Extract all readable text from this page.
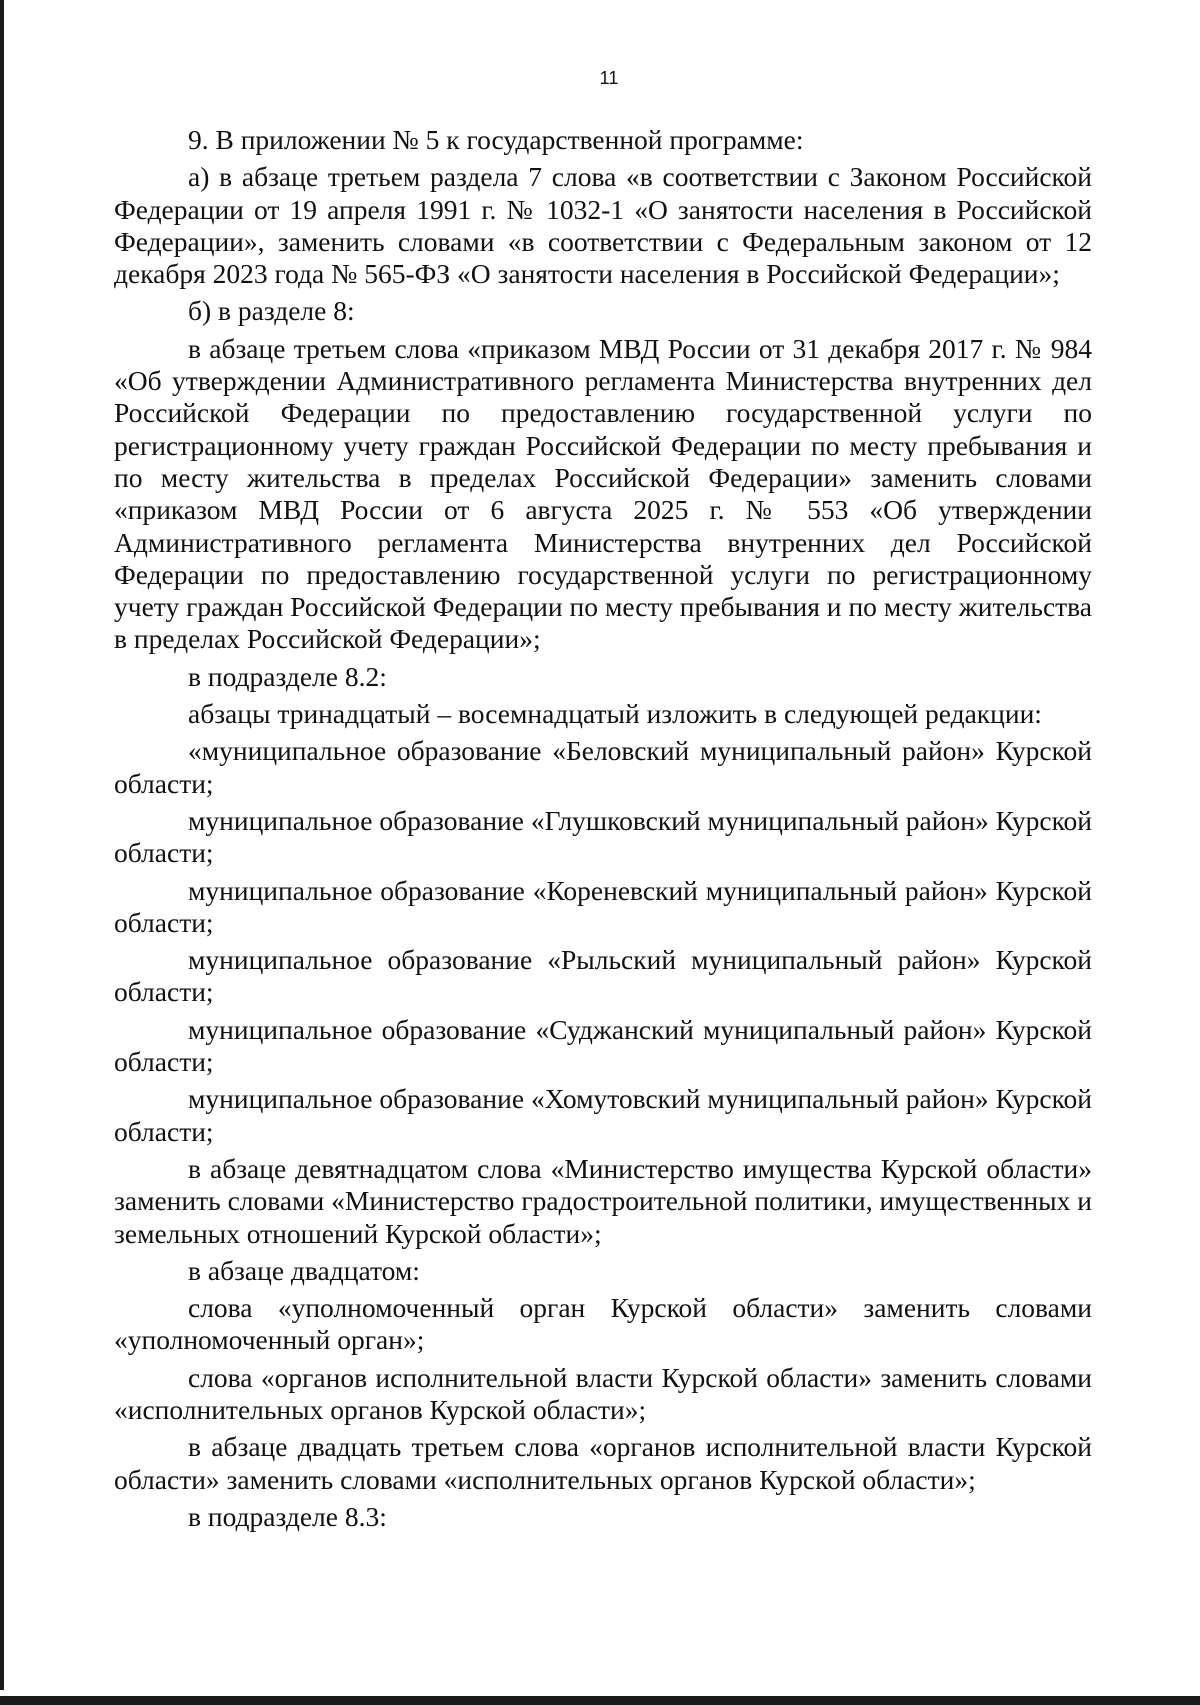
11

9. В приложении № 5 к государственной программе:

а) в абзаце третьем раздела 7 слова «в соответствии с Законом Российской Федерации от 19 апреля 1991 г. № 1032-1 «О занятости населения в Российской Федерации», заменить словами «в соответствии с Федеральным законом от 12 декабря 2023 года № 565-ФЗ «О занятости населения в Российской Федерации»;

б) в разделе 8:

в абзаце третьем слова «приказом МВД России от 31 декабря 2017 г. № 984 «Об утверждении Административного регламента Министерства внутренних дел Российской Федерации по предоставлению государственной услуги по регистрационному учету граждан Российской Федерации по месту пребывания и по месту жительства в пределах Российской Федерации» заменить словами «приказом МВД России от 6 августа 2025 г. № 553 «Об утверждении Административного регламента Министерства внутренних дел Российской Федерации по предоставлению государственной услуги по регистрационному учету граждан Российской Федерации по месту пребывания и по месту жительства в пределах Российской Федерации»;

в подразделе 8.2:

абзацы тринадцатый – восемнадцатый изложить в следующей редакции:

«муниципальное образование «Беловский муниципальный район» Курской области;

муниципальное образование «Глушковский муниципальный район» Курской области;

муниципальное образование «Кореневский муниципальный район» Курской области;

муниципальное образование «Рыльский муниципальный район» Курской области;

муниципальное образование «Суджанский муниципальный район» Курской области;

муниципальное образование «Хомутовский муниципальный район» Курской области;

в абзаце девятнадцатом слова «Министерство имущества Курской области» заменить словами «Министерство градостроительной политики, имущественных и земельных отношений Курской области»;

в абзаце двадцатом:

слова «уполномоченный орган Курской области» заменить словами «уполномоченный орган»;

слова «органов исполнительной власти Курской области» заменить словами «исполнительных органов Курской области»;

в абзаце двадцать третьем слова «органов исполнительной власти Курской области» заменить словами «исполнительных органов Курской области»;

в подразделе 8.3:
